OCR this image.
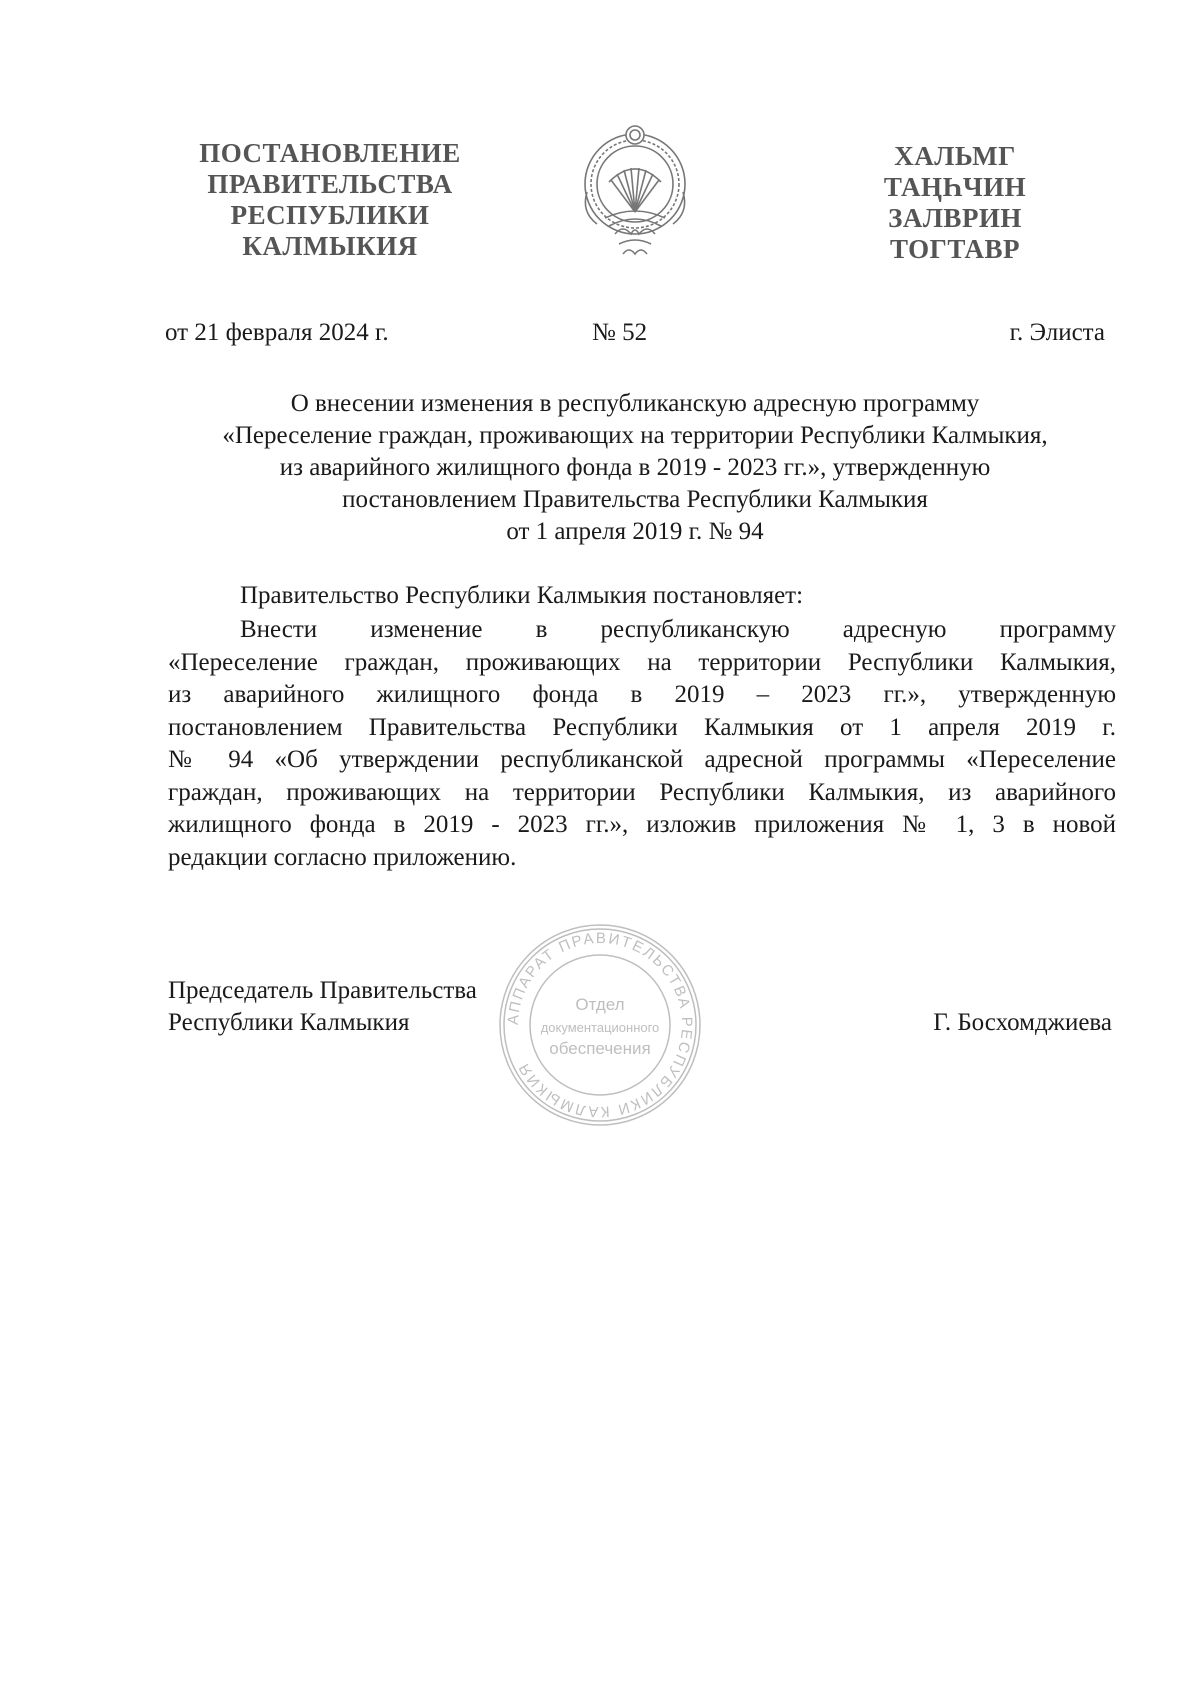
ПОСТАНОВЛЕНИЕ
ПРАВИТЕЛЬСТВА
РЕСПУБЛИКИ
КАЛМЫКИЯ
ХАЛЬМГ
ТАҢҺЧИН
ЗАЛВРИН
ТОГТАВР
от 21 февраля 2024 г.	№ 52	г. Элиста
О внесении изменения в республиканскую адресную программу
«Переселение граждан, проживающих на территории Республики Калмыкия,
из аварийного жилищного фонда в 2019 - 2023 гг.», утвержденную
постановлением Правительства Республики Калмыкия
от 1 апреля 2019 г. № 94
Правительство Республики Калмыкия постановляет:
Внести изменение в республиканскую адресную программу
«Переселение граждан, проживающих на территории Республики Калмыкия,
из аварийного жилищного фонда в 2019 – 2023 гг.», утвержденную
постановлением Правительства Республики Калмыкия от 1 апреля 2019 г.
№ 94 «Об утверждении республиканской адресной программы «Переселение
граждан, проживающих на территории Республики Калмыкия, из аварийного
жилищного фонда в 2019 - 2023 гг.», изложив приложения № 1, 3 в новой
редакции согласно приложению.
АППАРАТ ПРАВИТЕЛЬСТВА РЕСПУБЛИКИ КАЛМЫКИЯ
Отдел
документационного
обеспечения
Председатель Правительства
Республики Калмыкия	Г. Босхомджиева
